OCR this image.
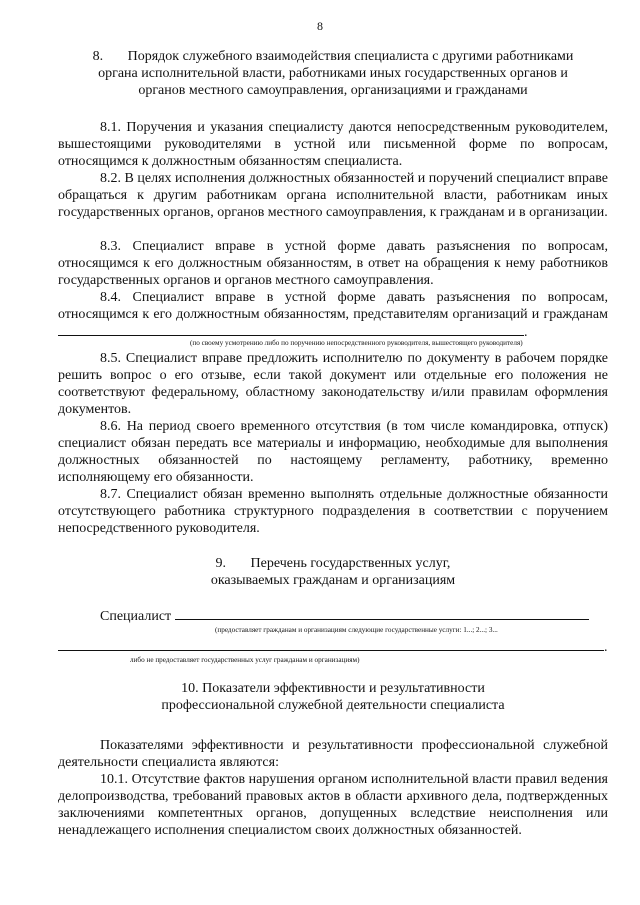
8
8. Порядок служебного взаимодействия специалиста с другими работниками
органа исполнительной власти, работниками иных государственных органов и
органов местного самоуправления, организациями и гражданами
8.1. Поручения и указания специалисту даются непосредственным руководителем, вышестоящими руководителями в устной или письменной форме по вопросам, относящимся к должностным обязанностям специалиста.
8.2. В целях исполнения должностных обязанностей и поручений специалист вправе обращаться к другим работникам органа исполнительной власти, работникам иных государственных органов, органов местного самоуправления, к гражданам и в организации.
8.3. Специалист вправе в устной форме давать разъяснения по вопросам, относящимся к его должностным обязанностям, в ответ на обращения к нему работников государственных органов и органов местного самоуправления.
8.4. Специалист вправе в устной форме давать разъяснения по вопросам, относящимся к его должностным обязанностям, представителям организаций и гражданам .
(по своему усмотрению либо по поручению непосредственного руководителя, вышестоящего руководителя)
8.5. Специалист вправе предложить исполнителю по документу в рабочем порядке решить вопрос о его отзыве, если такой документ или отдельные его положения не соответствуют федеральному, областному законодательству и/или правилам оформления документов.
8.6. На период своего временного отсутствия (в том числе командировка, отпуск) специалист обязан передать все материалы и информацию, необходимые для выполнения должностных обязанностей по настоящему регламенту, работнику, временно исполняющему его обязанности.
8.7. Специалист обязан временно выполнять отдельные должностные обязанности отсутствующего работника структурного подразделения в соответствии с поручением непосредственного руководителя.
9. Перечень государственных услуг,
оказываемых гражданам и организациям
Специалист
(предоставляет гражданам и организациям следующие государственные услуги: 1...; 2...; 3...
.
либо не предоставляет государственных услуг гражданам и организациям)
10. Показатели эффективности и результативности
профессиональной служебной деятельности специалиста
Показателями эффективности и результативности профессиональной служебной деятельности специалиста являются:
10.1. Отсутствие фактов нарушения органом исполнительной власти правил ведения делопроизводства, требований правовых актов в области архивного дела, подтвержденных заключениями компетентных органов, допущенных вследствие неисполнения или ненадлежащего исполнения специалистом своих должностных обязанностей.
